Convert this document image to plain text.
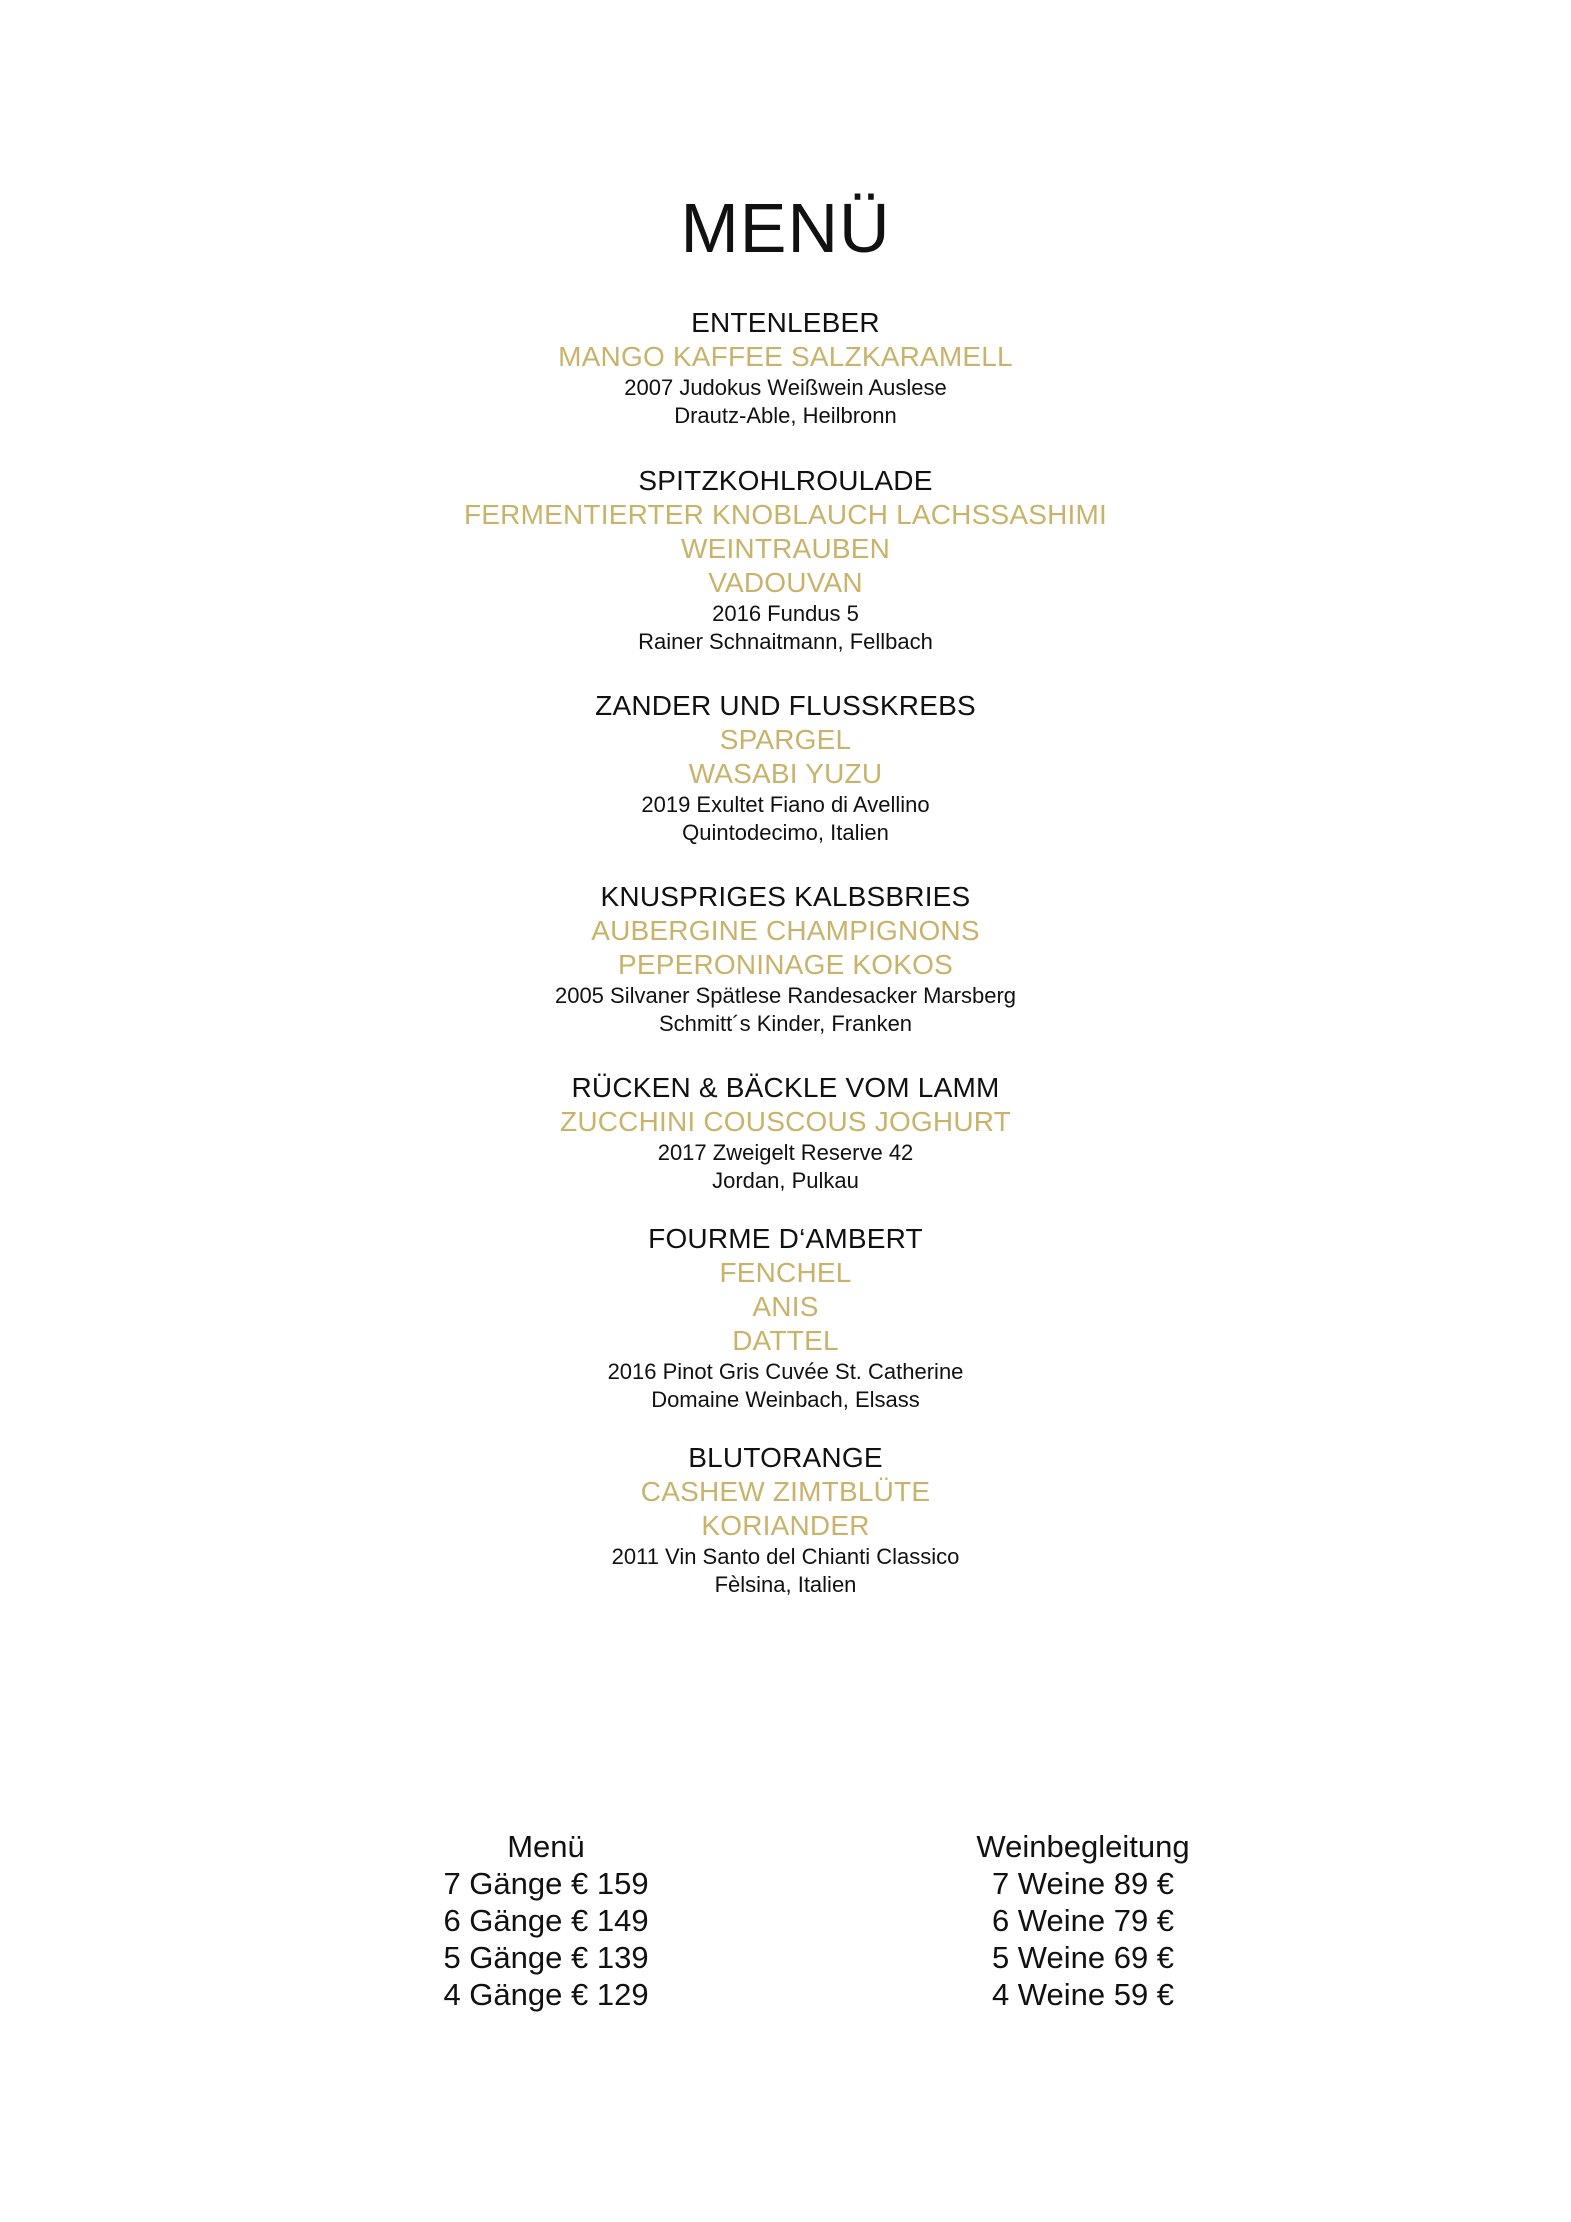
MENÜ
ENTENLEBER
MANGO KAFFEE SALZKARAMELL
2007 Judokus Weißwein Auslese
Drautz-Able, Heilbronn
SPITZKOHLROULADE
FERMENTIERTER KNOBLAUCH LACHSSASHIMI
WEINTRAUBEN
VADOUVAN
2016 Fundus 5
Rainer Schnaitmann, Fellbach
ZANDER UND FLUSSKREBS
SPARGEL
WASABI YUZU
2019 Exultet Fiano di Avellino
Quintodecimo, Italien
KNUSPRIGES KALBSBRIES
AUBERGINE CHAMPIGNONS
PEPERONINAGE KOKOS
2005 Silvaner Spätlese Randesacker Marsberg
Schmitt´s Kinder, Franken
RÜCKEN & BÄCKLE VOM LAMM
ZUCCHINI COUSCOUS JOGHURT
2017 Zweigelt Reserve 42
Jordan, Pulkau
FOURME D‘AMBERT
FENCHEL
ANIS
DATTEL
2016 Pinot Gris Cuvée St. Catherine
Domaine Weinbach, Elsass
BLUTORANGE
CASHEW ZIMTBLÜTE
KORIANDER
2011 Vin Santo del Chianti Classico
Fèlsina, Italien
Menü
7 Gänge € 159
6 Gänge € 149
5 Gänge € 139
4 Gänge € 129
Weinbegleitung
7 Weine 89 €
6 Weine 79 €
5 Weine 69 €
4 Weine 59 €
